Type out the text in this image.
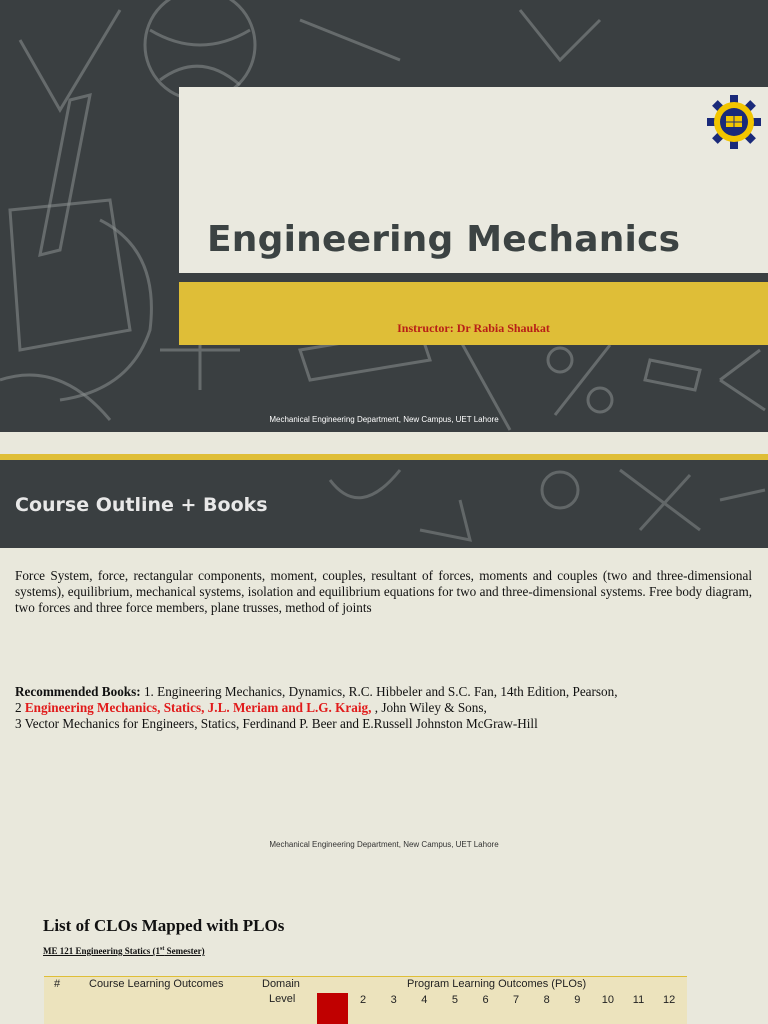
Engineering Mechanics
Instructor: Dr Rabia Shaukat
Mechanical Engineering Department, New Campus, UET Lahore
Course Outline + Books
Force System, force, rectangular components, moment, couples, resultant of forces, moments and couples (two and three-dimensional systems), equilibrium, mechanical systems, isolation and equilibrium equations for two and three-dimensional systems. Free body diagram, two forces and three force members, plane trusses, method of joints
Recommended Books: 1. Engineering Mechanics, Dynamics, R.C. Hibbeler and S.C. Fan, 14th Edition, Pearson,
2 Engineering Mechanics, Statics, J.L. Meriam and L.G. Kraig, , John Wiley & Sons,
3 Vector Mechanics for Engineers, Statics, Ferdinand P. Beer and E.Russell Johnston McGraw-Hill
Mechanical Engineering Department, New Campus, UET Lahore
List of CLOs Mapped with PLOs
ME 121 Engineering Statics (1st Semester)
#	Course Learning Outcomes	Domain
Level
Program Learning Outcomes (PLOs)
1	2	3	4	5	6	7	8	9	10	11	12
